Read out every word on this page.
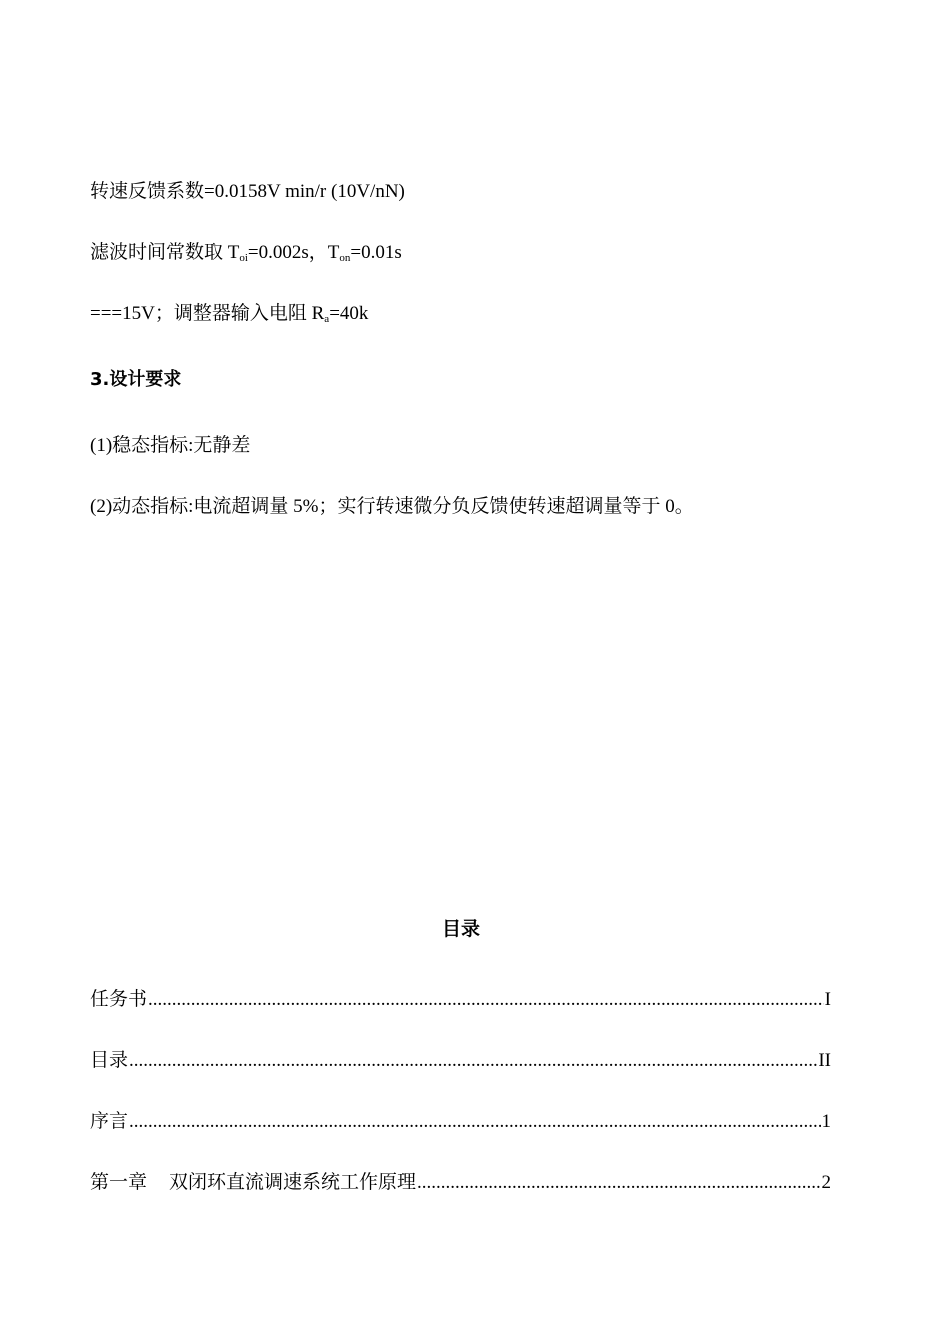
转速反馈系数=0.0158V min/r (10V/nN)
滤波时间常数取 $T_{oi}=0.002s$，$T_{on}=0.01s$
===15V；调整器输入电阻 $R_a=40k$
3.设计要求
(1)稳态指标:无静差
(2)动态指标:电流超调量 5%；实行转速微分负反馈使转速超调量等于 0。
目录
任务书 .....	I
目录 .....	II
序言 .....	1
第一章 双闭环直流调速系统工作原理 .....	2
